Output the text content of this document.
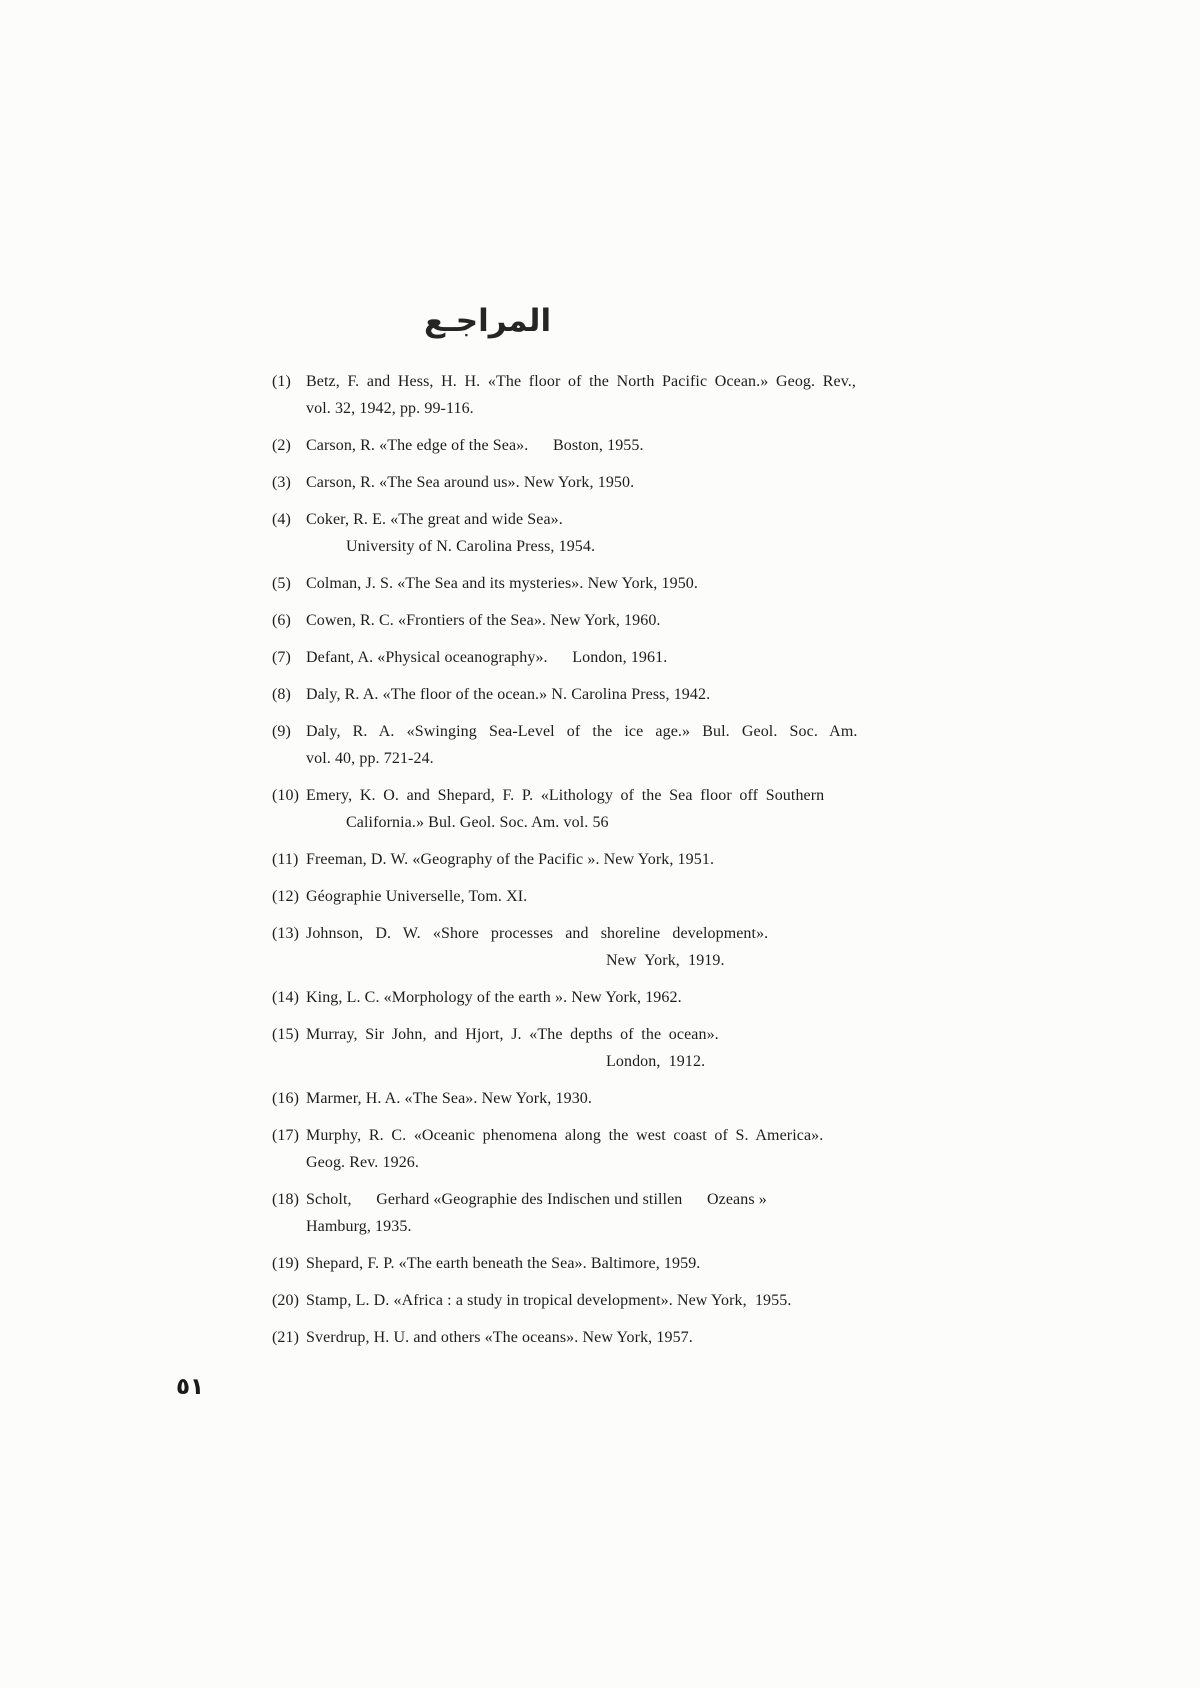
المراجـع
(1) Betz, F. and Hess, H. H. «The floor of the North Pacific Ocean.» Geog. Rev.,
vol. 32, 1942, pp. 99-116.
(2) Carson, R. «The edge of the Sea».      Boston, 1955.
(3) Carson, R. «The Sea around us». New York, 1950.
(4) Coker, R. E. «The great and wide Sea».
University of N. Carolina Press, 1954.
(5) Colman, J. S. «The Sea and its mysteries». New York, 1950.
(6) Cowen, R. C. «Frontiers of the Sea». New York, 1960.
(7) Defant, A. «Physical oceanography».      London, 1961.
(8) Daly, R. A. «The floor of the ocean.» N. Carolina Press, 1942.
(9) Daly, R. A. «Swinging Sea-Level of the ice age.» Bul. Geol. Soc. Am.
vol. 40, pp. 721-24.
(10) Emery, K. O. and Shepard, F. P. «Lithology of the Sea floor off Southern
California.» Bul. Geol. Soc. Am. vol. 56
(11) Freeman, D. W. «Geography of the Pacific ». New York, 1951.
(12) Géographie Universelle, Tom. XI.
(13) Johnson, D. W. «Shore processes and shoreline development».
New  York,  1919.
(14) King, L. C. «Morphology of the earth ». New York, 1962.
(15) Murray, Sir John, and Hjort, J. «The depths of the ocean».
London,  1912.
(16) Marmer, H. A. «The Sea». New York, 1930.
(17) Murphy, R. C. «Oceanic phenomena along the west coast of S. America».
Geog. Rev. 1926.
(18) Scholt,      Gerhard «Geographie des Indischen und stillen      Ozeans »
Hamburg, 1935.
(19) Shepard, F. P. «The earth beneath the Sea». Baltimore, 1959.
(20) Stamp, L. D. «Africa : a study in tropical development». New York,  1955.
(21) Sverdrup, H. U. and others «The oceans». New York, 1957.
٥١
